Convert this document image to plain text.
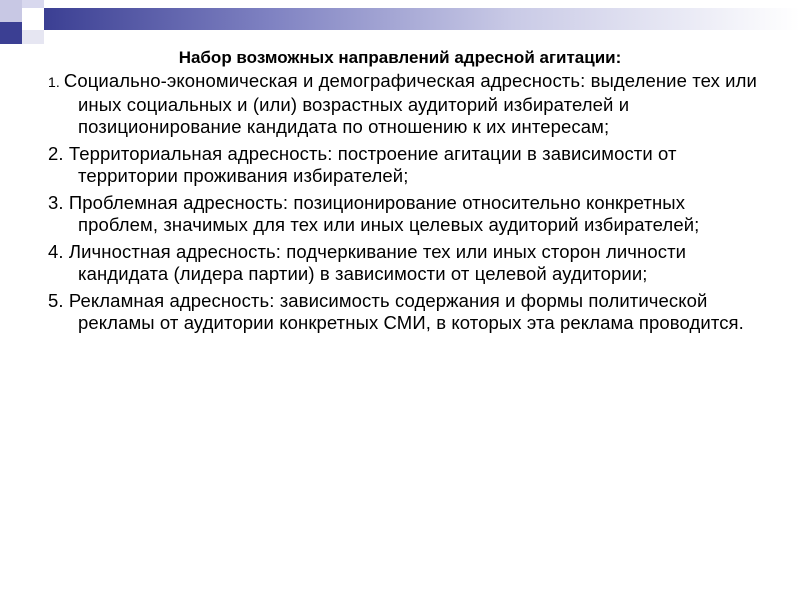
Набор возможных направлений адресной агитации:
1. Социально-экономическая и демографическая адресность: выделение тех или иных социальных и (или) возрастных аудиторий избирателей и позиционирование кандидата по отношению к их интересам;
2. Территориальная адресность: построение агитации в зависимости от территории проживания избирателей;
3. Проблемная адресность: позиционирование относительно конкретных проблем, значимых для тех или иных целевых аудиторий избирателей;
4. Личностная адресность: подчеркивание тех или иных сторон личности кандидата (лидера партии) в зависимости от целевой аудитории;
5. Рекламная адресность: зависимость содержания и формы политической рекламы от аудитории конкретных СМИ, в которых эта реклама проводится.
